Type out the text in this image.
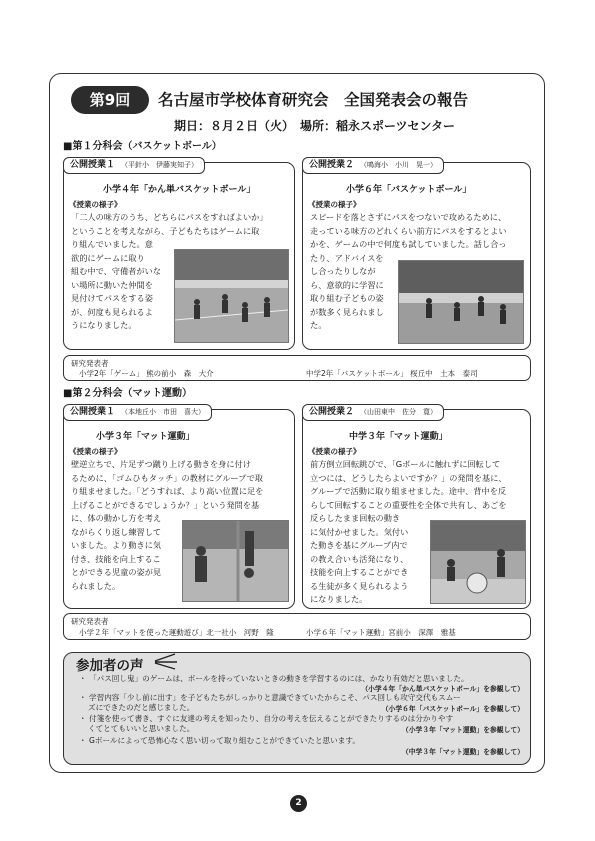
第9回	名古屋市学校体育研究会　全国発表会の報告
期日：８月２日（火）　場所：稲永スポーツセンター
■第１分科会（バスケットボール）
公開授業１ （平針小　伊藤実知子）
小学４年「かん単バスケットボール」
《授業の様子》
「二人の味方のうち、どちらにパスをすればよいか」
ということを考えながら、子どもたちはゲームに取
り組んでいました。意
欲的にゲームに取り
組む中で、守備者がいな
い場所に動いた仲間を
見付けてパスをする姿
が、何度も見られるよ
うになりました。
公開授業２ （鳴海小　小川　晃一）
小学６年「バスケットボール」
《授業の様子》
スピードを落とさずにパスをつないで攻めるために、
走っている味方のどれくらい前方にパスをするとよい
かを、ゲームの中で何度も試していました。話し合っ
たり、アドバイスを
し合ったりしなが
ら、意欲的に学習に
取り組む子どもの姿
が数多く見られまし
た。
研究発表者
小学2年「ゲーム」 熊の前小　森　大介	中学2年「バスケットボール」 桜丘中　土本　泰司
■第２分科会（マット運動）
公開授業１ （本地丘小　市田　喜大）
小学３年「マット運動」
《授業の様子》
壁逆立ちで、片足ずつ蹴り上げる動きを身に付け
るために、「ゴムひもタッチ」の教材にグループで取
り組ませました。「どうすれば、より高い位置に足を
上げることができるでしょうか？」という発問を基
に、体の動かし方を考え
ながらくり返し練習して
いました。より動きに気
付き、技能を向上するこ
とができる児童の姿が見
られました。
公開授業２ （山田東中　佐分　寛）
中学３年「マット運動」
《授業の様子》
前方倒立回転跳びで、「Gボールに触れずに回転して
立つには、どうしたらよいですか？」の発問を基に、
グループで活動に取り組ませました。途中、背中を反
らして回転することの重要性を全体で共有し、あごを
反らしたまま回転の動き
に気付かせました。気付い
た動きを基にグループ内で
の教え合いも活発になり、
技能を向上することができ
る生徒が多く見られるよう
になりました。
研究発表者
小学２年「マットを使った運動遊び」北一社小　河野　隆	小学６年「マット運動」宮前小　深澤　雅基
参加者の声
・ 「パス回し鬼」のゲームは、ボールを持っていないときの動きを学習するのには、かなり有効だと思いました。
（小学４年「かん単バスケットボール」を参観して）
・ 学習内容「少し前に出す」を子どもたちがしっかりと意識できていたからこそ、パス回しも攻守交代もスムー
ズにできたのだと感じました。	（小学６年「バスケットボール」を参観して）
・ 付箋を使って書き、すぐに友達の考えを知ったり、自分の考えを伝えることができたりするのは分かりやす
くてとてもいいと思いました。	（小学３年「マット運動」を参観して）
・ Gボールによって恐怖心なく思い切って取り組むことができていたと思います。
（中学３年「マット運動」を参観して）
2
